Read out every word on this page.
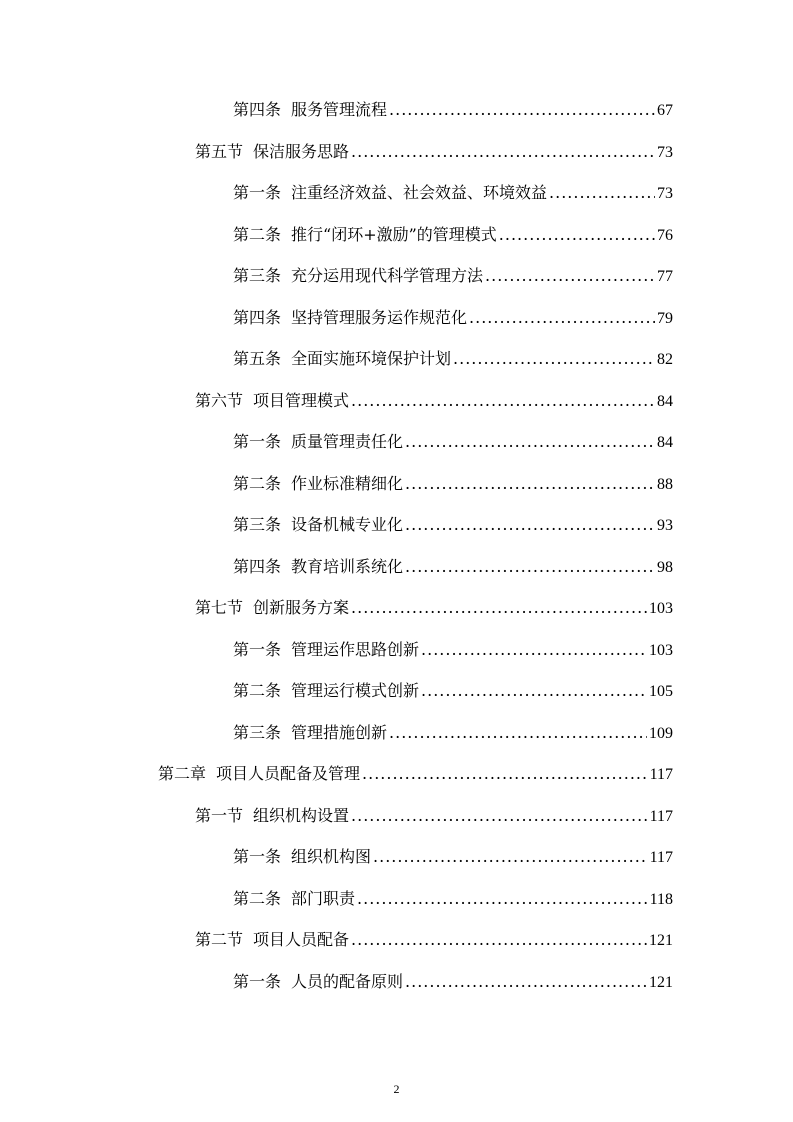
第四条 服务管理流程 .....	67
第五节 保洁服务思路 .....	73
第一条 注重经济效益、社会效益、环境效益 .....	73
第二条 推行“闭环+激励”的管理模式 .....	76
第三条 充分运用现代科学管理方法 .....	77
第四条 坚持管理服务运作规范化 .....	79
第五条 全面实施环境保护计划 .....	82
第六节 项目管理模式 .....	84
第一条 质量管理责任化 .....	84
第二条 作业标准精细化 .....	88
第三条 设备机械专业化 .....	93
第四条 教育培训系统化 .....	98
第七节 创新服务方案 .....	103
第一条 管理运作思路创新 .....	103
第二条 管理运行模式创新 .....	105
第三条 管理措施创新 .....	109
第二章 项目人员配备及管理 .....	117
第一节 组织机构设置 .....	117
第一条 组织机构图 .....	117
第二条 部门职责 .....	118
第二节 项目人员配备 .....	121
第一条 人员的配备原则 .....	121
2
